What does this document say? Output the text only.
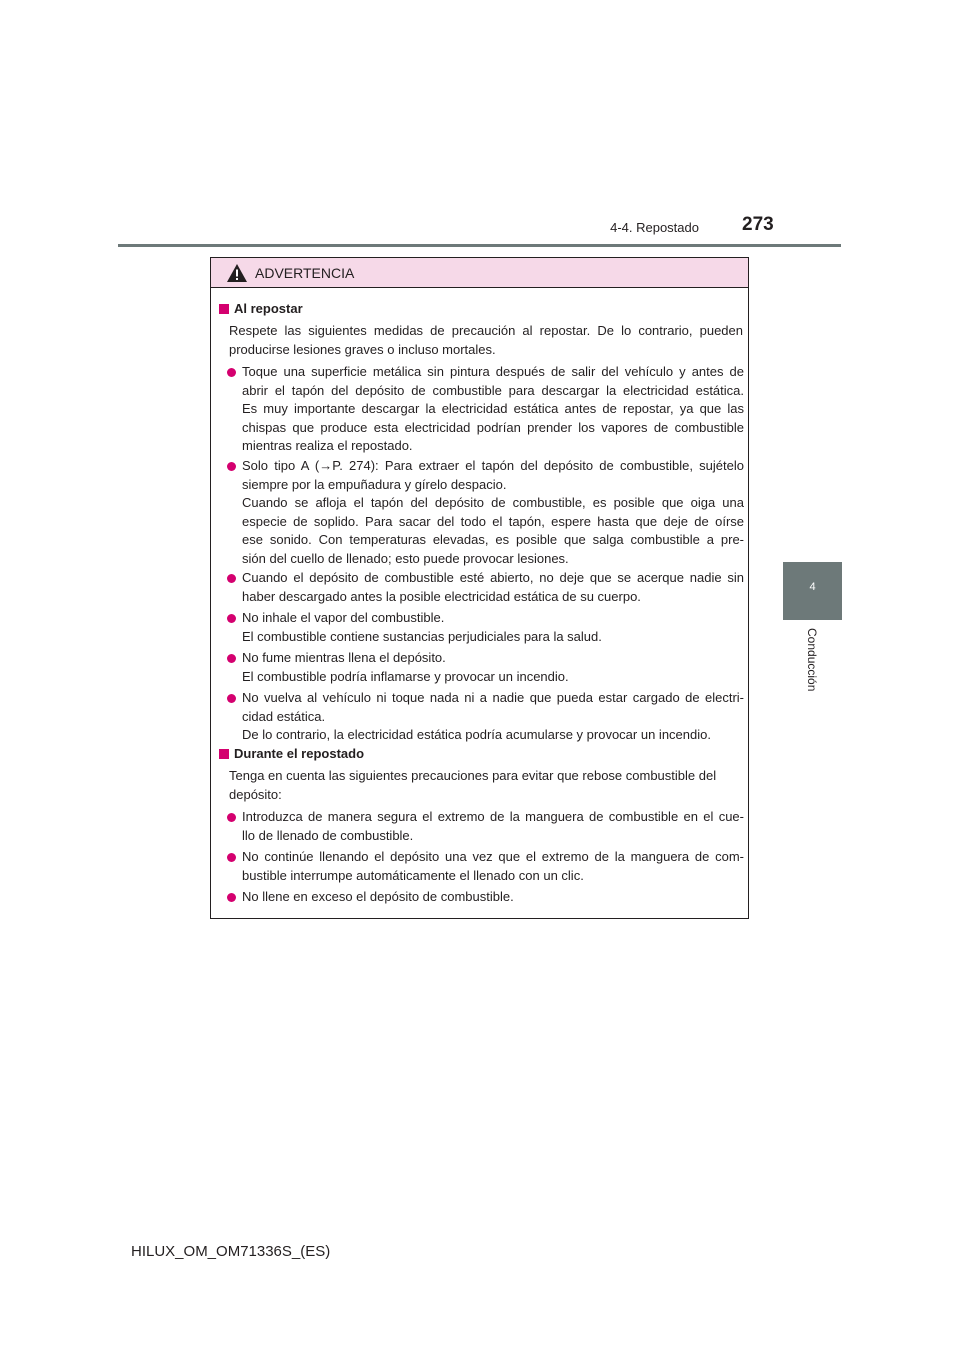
4-4. Repostado 273
4
Conducción
ADVERTENCIA
Al repostar
Respete las siguientes medidas de precaución al repostar. De lo contrario, pueden
producirse lesiones graves o incluso mortales.
Toque una superficie metálica sin pintura después de salir del vehículo y antes de
abrir el tapón del depósito de combustible para descargar la electricidad estática.
Es muy importante descargar la electricidad estática antes de repostar, ya que las
chispas que produce esta electricidad podrían prender los vapores de combustible
mientras realiza el repostado.
Solo tipo A (→P. 274): Para extraer el tapón del depósito de combustible, sujételo
siempre por la empuñadura y gírelo despacio.
Cuando se afloja el tapón del depósito de combustible, es posible que oiga una
especie de soplido. Para sacar del todo el tapón, espere hasta que deje de oírse
ese sonido. Con temperaturas elevadas, es posible que salga combustible a pre-
sión del cuello de llenado; esto puede provocar lesiones.
Cuando el depósito de combustible esté abierto, no deje que se acerque nadie sin
haber descargado antes la posible electricidad estática de su cuerpo.
No inhale el vapor del combustible.
El combustible contiene sustancias perjudiciales para la salud.
No fume mientras llena el depósito.
El combustible podría inflamarse y provocar un incendio.
No vuelva al vehículo ni toque nada ni a nadie que pueda estar cargado de electri-
cidad estática.
De lo contrario, la electricidad estática podría acumularse y provocar un incendio.
Durante el repostado
Tenga en cuenta las siguientes precauciones para evitar que rebose combustible del
depósito:
Introduzca de manera segura el extremo de la manguera de combustible en el cue-
llo de llenado de combustible.
No continúe llenando el depósito una vez que el extremo de la manguera de com-
bustible interrumpe automáticamente el llenado con un clic.
No llene en exceso el depósito de combustible.
HILUX_OM_OM71336S_(ES)
